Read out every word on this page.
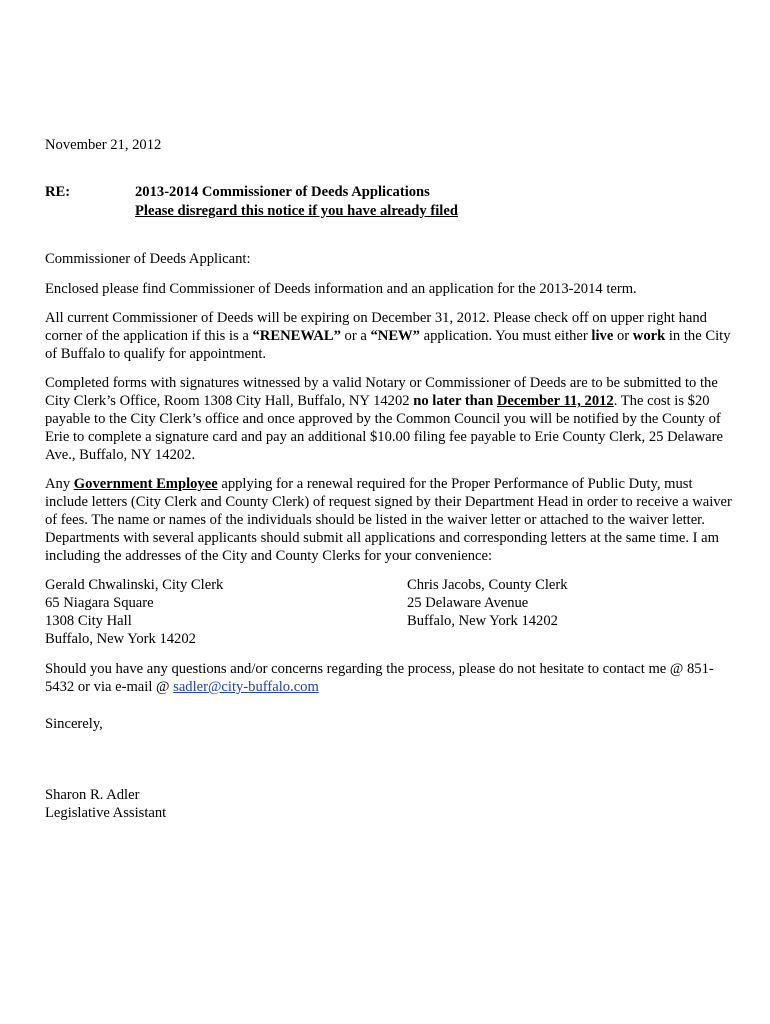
November 21, 2012

RE:	2013-2014 Commissioner of Deeds Applications
Please disregard this notice if you have already filed

Commissioner of Deeds Applicant:

Enclosed please find Commissioner of Deeds information and an application for the 2013-2014 term.

All current Commissioner of Deeds will be expiring on December 31, 2012. Please check off on upper right hand corner of the application if this is a “RENEWAL” or a “NEW” application. You must either live or work in the City of Buffalo to qualify for appointment.

Completed forms with signatures witnessed by a valid Notary or Commissioner of Deeds are to be submitted to the City Clerk’s Office, Room 1308 City Hall, Buffalo, NY 14202 no later than December 11, 2012. The cost is $20 payable to the City Clerk’s office and once approved by the Common Council you will be notified by the County of Erie to complete a signature card and pay an additional $10.00 filing fee payable to Erie County Clerk, 25 Delaware Ave., Buffalo, NY 14202.

Any Government Employee applying for a renewal required for the Proper Performance of Public Duty, must include letters (City Clerk and County Clerk) of request signed by their Department Head in order to receive a waiver of fees. The name or names of the individuals should be listed in the waiver letter or attached to the waiver letter. Departments with several applicants should submit all applications and corresponding letters at the same time. I am including the addresses of the City and County Clerks for your convenience:

Gerald Chwalinski, City Clerk
65 Niagara Square
1308 City Hall
Buffalo, New York 14202
Chris Jacobs, County Clerk
25 Delaware Avenue
Buffalo, New York 14202

Should you have any questions and/or concerns regarding the process, please do not hesitate to contact me @ 851-5432 or via e-mail @ sadler@city-buffalo.com

Sincerely,

Sharon R. Adler

Legislative Assistant
